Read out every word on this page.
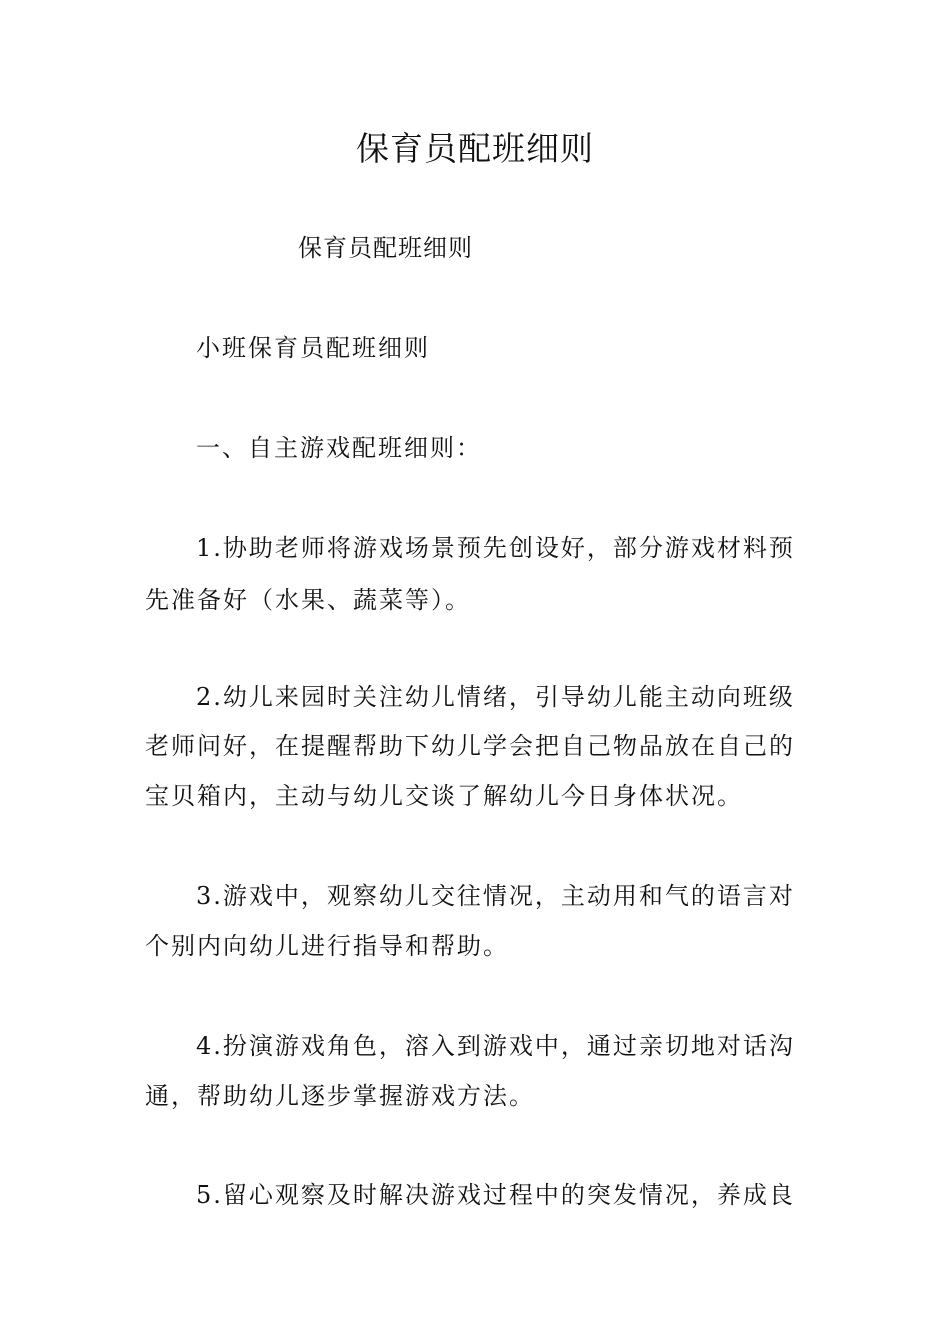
保育员配班细则

保育员配班细则

小班保育员配班细则

一、自主游戏配班细则：

1.协助老师将游戏场景预先创设好，部分游戏材料预

先准备好（水果、蔬菜等）。

2.幼儿来园时关注幼儿情绪，引导幼儿能主动向班级

老师问好，在提醒帮助下幼儿学会把自己物品放在自己的

宝贝箱内，主动与幼儿交谈了解幼儿今日身体状况。

3.游戏中，观察幼儿交往情况，主动用和气的语言对

个别内向幼儿进行指导和帮助。

4.扮演游戏角色，溶入到游戏中，通过亲切地对话沟

通，帮助幼儿逐步掌握游戏方法。

5.留心观察及时解决游戏过程中的突发情况，养成良
